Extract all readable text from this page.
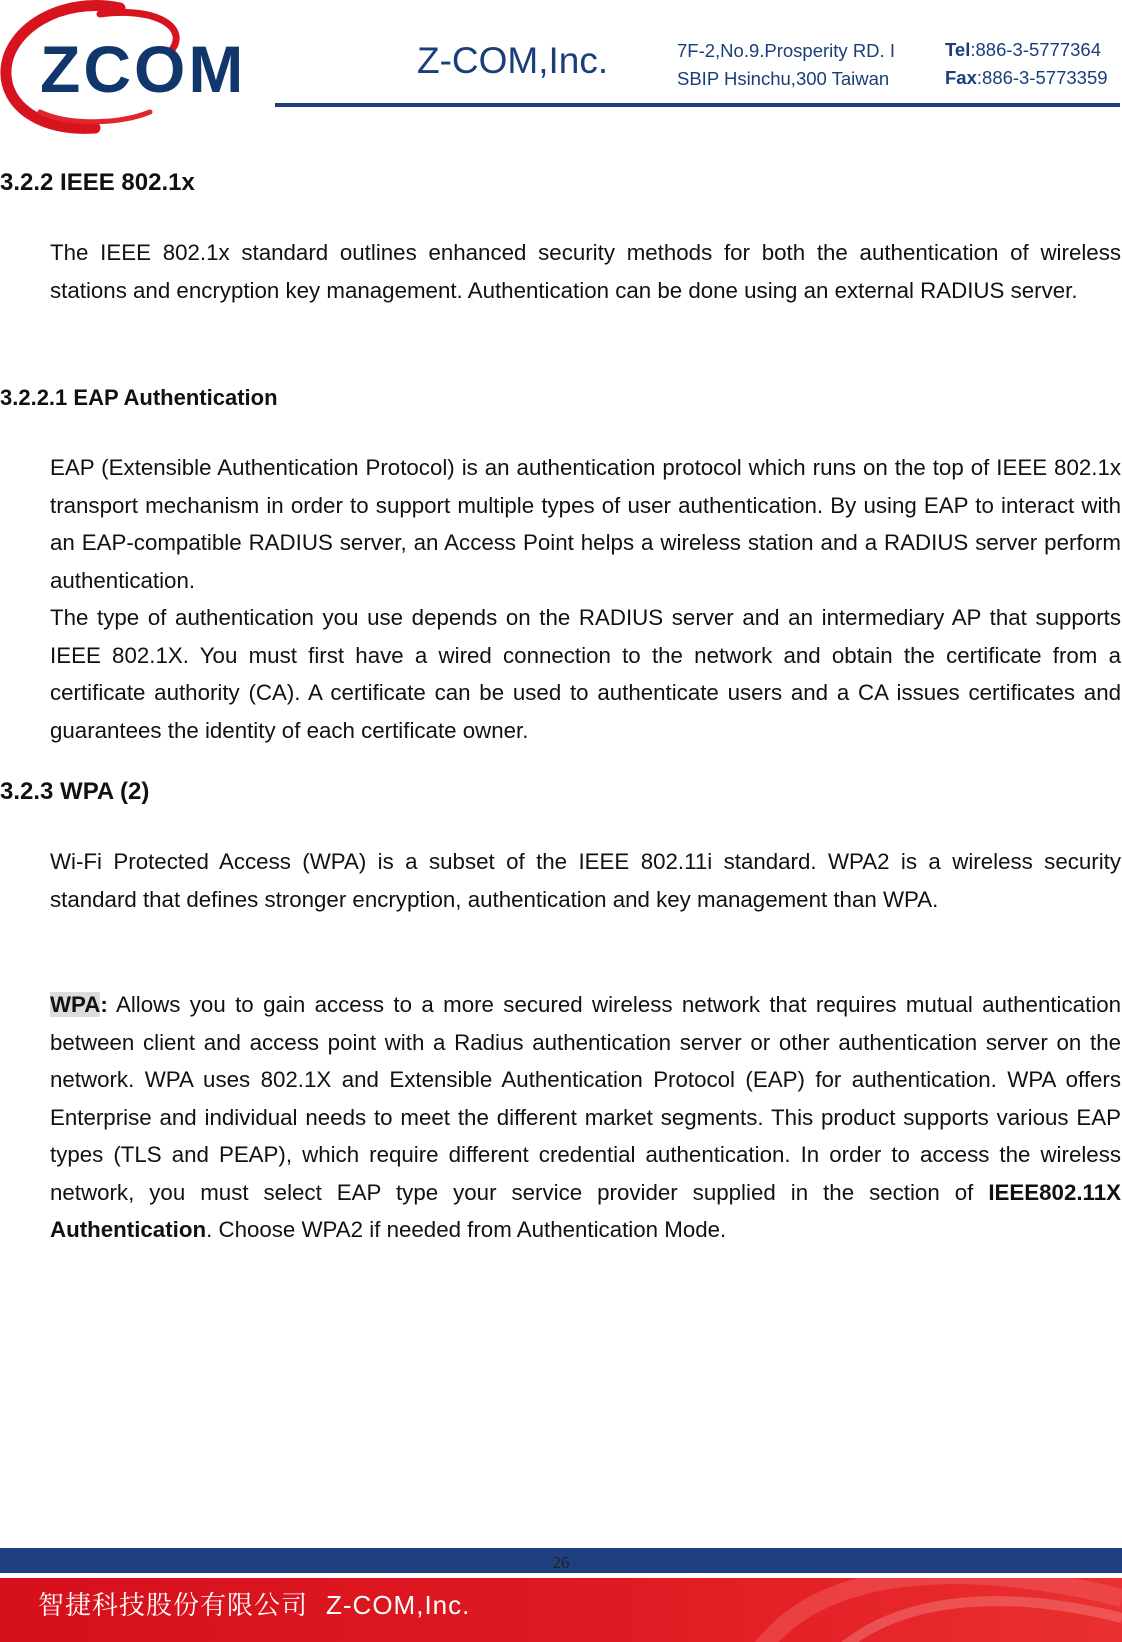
ZCOM	Z-COM,Inc.	7F-2,No.9.Prosperity RD. I
SBIP Hsinchu,300 Taiwan
Tel:886-3-5777364
Fax:886-3-5773359
3.2.2 IEEE 802.1x

The IEEE 802.1x standard outlines enhanced security methods for both the authentication of wireless stations and encryption key management. Authentication can be done using an external RADIUS server.

3.2.2.1 EAP Authentication

EAP (Extensible Authentication Protocol) is an authentication protocol which runs on the top of IEEE 802.1x transport mechanism in order to support multiple types of user authentication. By using EAP to interact with an EAP-compatible RADIUS server, an Access Point helps a wireless station and a RADIUS server perform authentication.

The type of authentication you use depends on the RADIUS server and an intermediary AP that supports IEEE 802.1X. You must first have a wired connection to the network and obtain the certificate from a certificate authority (CA). A certificate can be used to authenticate users and a CA issues certificates and guarantees the identity of each certificate owner.

3.2.3 WPA (2)

Wi-Fi Protected Access (WPA) is a subset of the IEEE 802.11i standard. WPA2 is a wireless security standard that defines stronger encryption, authentication and key management than WPA.

WPA: Allows you to gain access to a more secured wireless network that requires mutual authentication between client and access point with a Radius authentication server or other authentication server on the network. WPA uses 802.1X and Extensible Authentication Protocol (EAP) for authentication. WPA offers Enterprise and individual needs to meet the different market segments. This product supports various EAP types (TLS and PEAP), which require different credential authentication. In order to access the wireless network, you must select EAP type your service provider supplied in the section of IEEE802.11X Authentication. Choose WPA2 if needed from Authentication Mode.

26
智捷科技股份有限公司 Z-COM,Inc.
